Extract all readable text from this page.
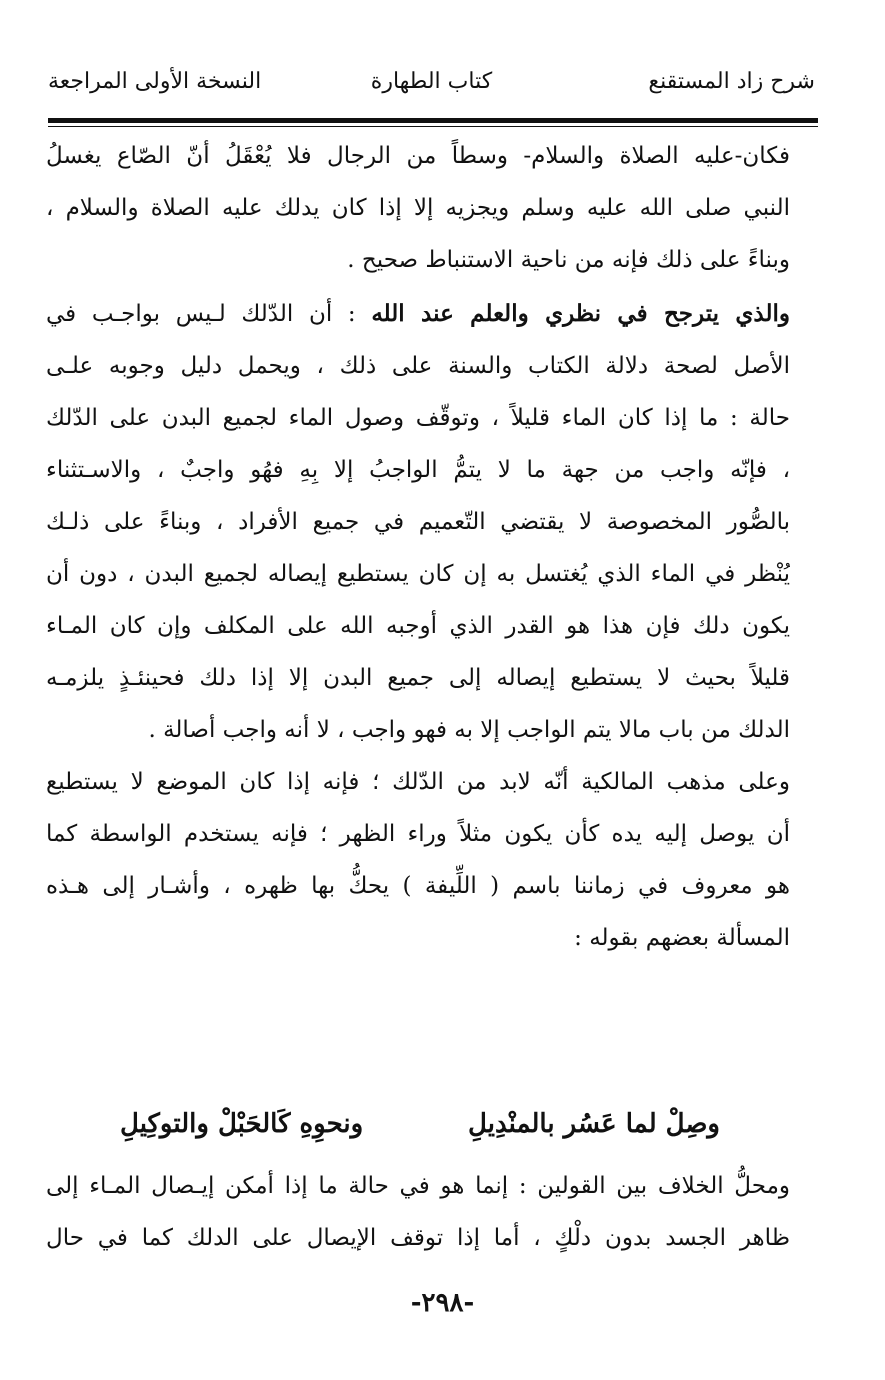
شرح زاد المستقنع
كتاب الطهارة
النسخة الأولى المراجعة
فكان-عليه الصلاة والسلام- وسطاً من الرجال فلا يُعْقَلُ أنّ الصّاع يغسلُ
النبي صلى الله عليه وسلم ويجزيه إلا إذا كان يدلك عليه الصلاة والسلام ،
وبناءً على ذلك فإنه من ناحية الاستنباط صحيح .
والذي يترجح في نظري والعلم عند الله : أن الدّلك لـيس بواجـب في
الأصل لصحة دلالة الكتاب والسنة على ذلك ، ويحمل دليل وجوبه علـى
حالة : ما إذا كان الماء قليلاً ، وتوقّف وصول الماء لجميع البدن على الدّلك
، فإنّه واجب من جهة ما لا يتمُّ الواجبُ إلا بِهِ فهُو واجبٌ ، والاسـتثناء
بالصُّور المخصوصة لا يقتضي التّعميم في جميع الأفراد ، وبناءً على ذلـك
يُنْظر في الماء الذي يُغتسل به إن كان يستطيع إيصاله لجميع البدن ، دون أن
يكون دلك فإن هذا هو القدر الذي أوجبه الله على المكلف وإن كان المـاء
قليلاً بحيث لا يستطيع إيصاله إلى جميع البدن إلا إذا دلك فحينئـذٍ يلزمـه
الدلك من باب مالا يتم الواجب إلا به فهو واجب ، لا أنه واجب أصالة .
وعلى مذهب المالكية أنّه لابد من الدّلك ؛ فإنه إذا كان الموضع لا يستطيع
أن يوصل إليه يده كأن يكون مثلاً وراء الظهر ؛ فإنه يستخدم الواسطة كما
هو معروف في زماننا باسم ( اللِّيفة ) يحكُّ بها ظهره ، وأشـار إلى هـذه
المسألة بعضهم بقوله :
وصِلْ لما عَسُر بالمنْدِيلِ
ونحوِهِ كَالحَبْلْ والتوكِيلِ
ومحلُّ الخلاف بين القولين : إنما هو في حالة ما إذا أمكن إيـصال المـاء إلى
ظاهر الجسد بدون دلْكٍ ، أما إذا توقف الإيصال على الدلك كما في حال
-٢٩٨-
